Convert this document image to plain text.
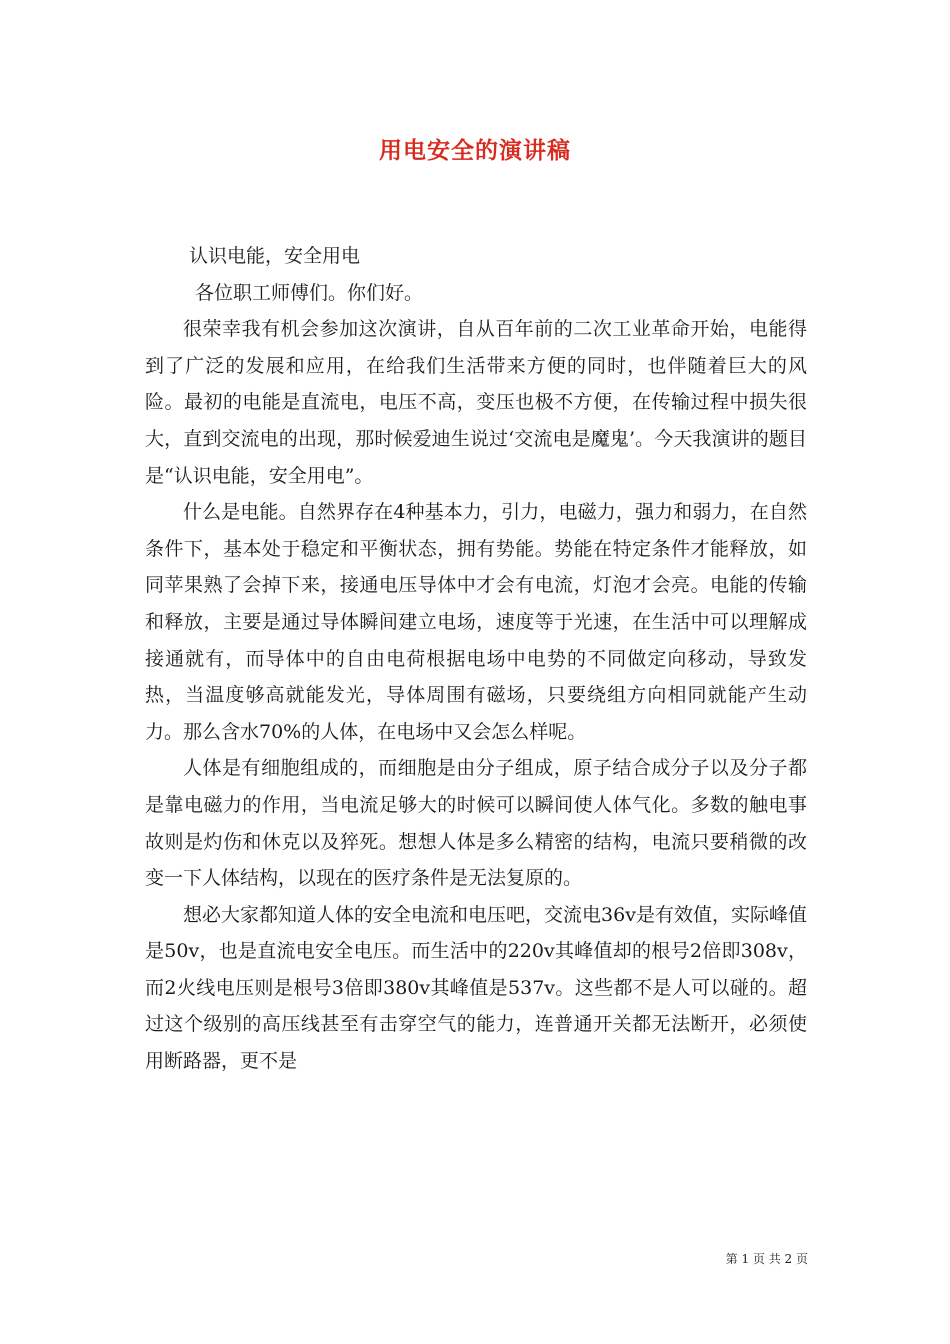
用电安全的演讲稿

认识电能，安全用电

各位职工师傅们。你们好。

很荣幸我有机会参加这次演讲，自从百年前的二次工业革命开始，电能得到了广泛的发展和应用，在给我们生活带来方便的同时，也伴随着巨大的风险。最初的电能是直流电，电压不高，变压也极不方便，在传输过程中损失很大，直到交流电的出现，那时候爱迪生说过‘交流电是魔鬼’。今天我演讲的题目是“认识电能，安全用电”。

什么是电能。自然界存在4种基本力，引力，电磁力，强力和弱力，在自然条件下，基本处于稳定和平衡状态，拥有势能。势能在特定条件才能释放，如同苹果熟了会掉下来，接通电压导体中才会有电流，灯泡才会亮。电能的传输和释放，主要是通过导体瞬间建立电场，速度等于光速，在生活中可以理解成接通就有，而导体中的自由电荷根据电场中电势的不同做定向移动，导致发热，当温度够高就能发光，导体周围有磁场，只要绕组方向相同就能产生动力。那么含水70%的人体，在电场中又会怎么样呢。

人体是有细胞组成的，而细胞是由分子组成，原子结合成分子以及分子都是靠电磁力的作用，当电流足够大的时候可以瞬间使人体气化。多数的触电事故则是灼伤和休克以及猝死。想想人体是多么精密的结构，电流只要稍微的改变一下人体结构，以现在的医疗条件是无法复原的。

想必大家都知道人体的安全电流和电压吧，交流电36v是有效值，实际峰值是50v，也是直流电安全电压。而生活中的220v其峰值却的根号2倍即308v，而2火线电压则是根号3倍即380v其峰值是537v。这些都不是人可以碰的。超过这个级别的高压线甚至有击穿空气的能力，连普通开关都无法断开，必须使用断路器，更不是

第 1 页 共 2 页
